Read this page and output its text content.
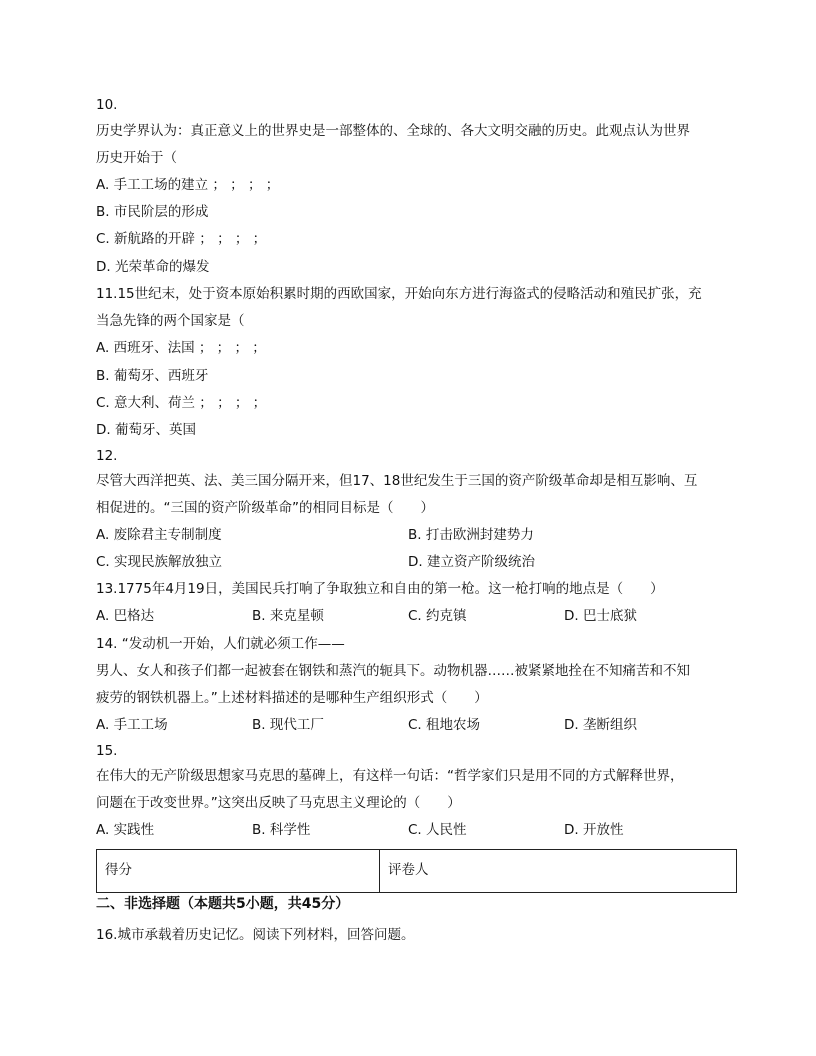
10.
历史学界认为：真正意义上的世界史是一部整体的、全球的、各大文明交融的历史。此观点认为世界
历史开始于（
A. 手工工场的建立 ； ； ； ；
B. 市民阶层的形成
C. 新航路的开辟 ； ； ； ；
D. 光荣革命的爆发
11.15世纪末，处于资本原始积累时期的西欧国家，开始向东方进行海盗式的侵略活动和殖民扩张，充
当急先锋的两个国家是（
A. 西班牙、法国 ； ； ； ；
B. 葡萄牙、西班牙
C. 意大利、荷兰 ； ； ； ；
D. 葡萄牙、英国
12.
尽管大西洋把英、法、美三国分隔开来，但17、18世纪发生于三国的资产阶级革命却是相互影响、互
相促进的。“三国的资产阶级革命”的相同目标是（　　）
A. 废除君主专制制度	B. 打击欧洲封建势力
C. 实现民族解放独立	D. 建立资产阶级统治
13.1775年4月19日，美国民兵打响了争取独立和自由的第一枪。这一枪打响的地点是（　　）
A. 巴格达	B. 来克星顿	C. 约克镇	D. 巴士底狱
14. “发动机一开始，人们就必须工作——
男人、女人和孩子们都一起被套在钢铁和蒸汽的轭具下。动物机器……被紧紧地拴在不知痛苦和不知
疲劳的钢铁机器上。”上述材料描述的是哪种生产组织形式（　　）
A. 手工工场	B. 现代工厂	C. 租地农场	D. 垄断组织
15.
在伟大的无产阶级思想家马克思的墓碑上，有这样一句话：“哲学家们只是用不同的方式解释世界，
问题在于改变世界。”这突出反映了马克思主义理论的（　　）
A. 实践性	B. 科学性	C. 人民性	D. 开放性
得分	评卷人
二、非选择题（本题共5小题，共45分）
16.城市承载着历史记忆。阅读下列材料，回答问题。
